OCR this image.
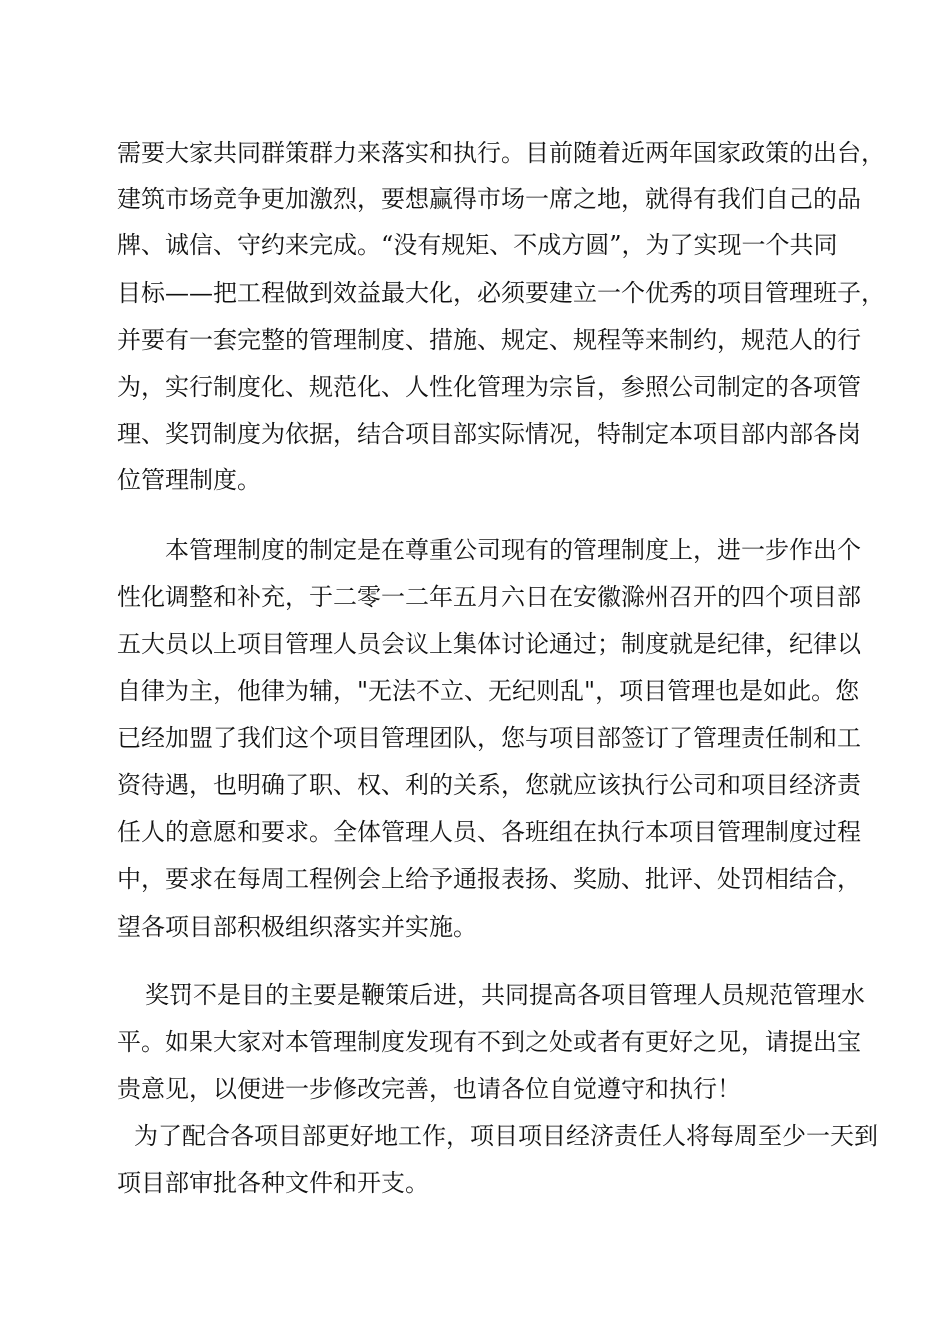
需要大家共同群策群力来落实和执行。目前随着近两年国家政策的出台，
建筑市场竞争更加激烈，要想赢得市场一席之地，就得有我们自己的品
牌、诚信、守约来完成。“没有规矩、不成方圆”，为了实现一个共同
目标——把工程做到效益最大化，必须要建立一个优秀的项目管理班子，
并要有一套完整的管理制度、措施、规定、规程等来制约，规范人的行
为，实行制度化、规范化、人性化管理为宗旨，参照公司制定的各项管
理、奖罚制度为依据，结合项目部实际情况，特制定本项目部内部各岗
位管理制度。
本管理制度的制定是在尊重公司现有的管理制度上，进一步作出个
性化调整和补充，于二零一二年五月六日在安徽滁州召开的四个项目部
五大员以上项目管理人员会议上集体讨论通过；制度就是纪律，纪律以
自律为主，他律为辅，"无法不立、无纪则乱"，项目管理也是如此。您
已经加盟了我们这个项目管理团队，您与项目部签订了管理责任制和工
资待遇，也明确了职、权、利的关系，您就应该执行公司和项目经济责
任人的意愿和要求。全体管理人员、各班组在执行本项目管理制度过程
中，要求在每周工程例会上给予通报表扬、奖励、批评、处罚相结合，
望各项目部积极组织落实并实施。
奖罚不是目的主要是鞭策后进，共同提高各项目管理人员规范管理水
平。如果大家对本管理制度发现有不到之处或者有更好之见，请提出宝
贵意见，以便进一步修改完善，也请各位自觉遵守和执行！
为了配合各项目部更好地工作，项目项目经济责任人将每周至少一天到
项目部审批各种文件和开支。
